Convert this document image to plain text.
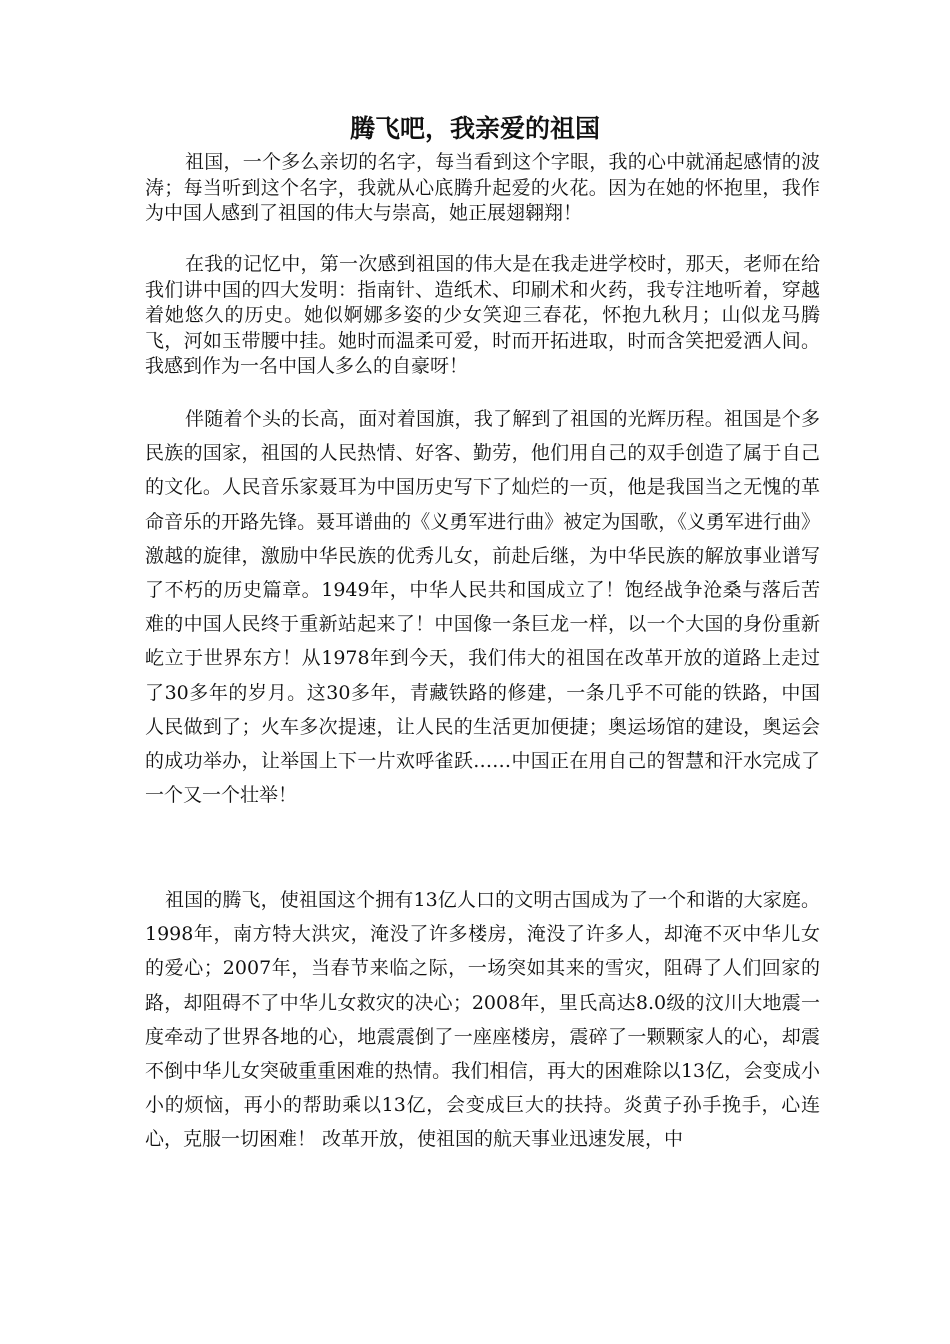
腾飞吧，我亲爱的祖国

祖国，一个多么亲切的名字，每当看到这个字眼，我的心中就涌起感情的波涛；每当听到这个名字，我就从心底腾升起爱的火花。因为在她的怀抱里，我作为中国人感到了祖国的伟大与崇高，她正展翅翱翔！

在我的记忆中，第一次感到祖国的伟大是在我走进学校时，那天，老师在给我们讲中国的四大发明：指南针、造纸术、印刷术和火药，我专注地听着，穿越着她悠久的历史。她似婀娜多姿的少女笑迎三春花，怀抱九秋月；山似龙马腾飞，河如玉带腰中挂。她时而温柔可爱，时而开拓进取，时而含笑把爱洒人间。我感到作为一名中国人多么的自豪呀！

伴随着个头的长高，面对着国旗，我了解到了祖国的光辉历程。祖国是个多民族的国家，祖国的人民热情、好客、勤劳，他们用自己的双手创造了属于自己的文化。人民音乐家聂耳为中国历史写下了灿烂的一页，他是我国当之无愧的革命音乐的开路先锋。聂耳谱曲的《义勇军进行曲》被定为国歌，《义勇军进行曲》激越的旋律，激励中华民族的优秀儿女，前赴后继，为中华民族的解放事业谱写了不朽的历史篇章。1949年，中华人民共和国成立了！饱经战争沧桑与落后苦难的中国人民终于重新站起来了！中国像一条巨龙一样，以一个大国的身份重新屹立于世界东方！从1978年到今天，我们伟大的祖国在改革开放的道路上走过了30多年的岁月。这30多年，青藏铁路的修建，一条几乎不可能的铁路，中国人民做到了；火车多次提速，让人民的生活更加便捷；奥运场馆的建设，奥运会的成功举办，让举国上下一片欢呼雀跃……中国正在用自己的智慧和汗水完成了一个又一个壮举！

祖国的腾飞，使祖国这个拥有13亿人口的文明古国成为了一个和谐的大家庭。1998年，南方特大洪灾，淹没了许多楼房，淹没了许多人，却淹不灭中华儿女的爱心；2007年，当春节来临之际，一场突如其来的雪灾，阻碍了人们回家的路，却阻碍不了中华儿女救灾的决心；2008年，里氏高达8.0级的汶川大地震一度牵动了世界各地的心，地震震倒了一座座楼房，震碎了一颗颗家人的心，却震不倒中华儿女突破重重困难的热情。我们相信，再大的困难除以13亿，会变成小小的烦恼，再小的帮助乘以13亿，会变成巨大的扶持。炎黄子孙手挽手，心连心，克服一切困难！ 改革开放，使祖国的航天事业迅速发展，中
